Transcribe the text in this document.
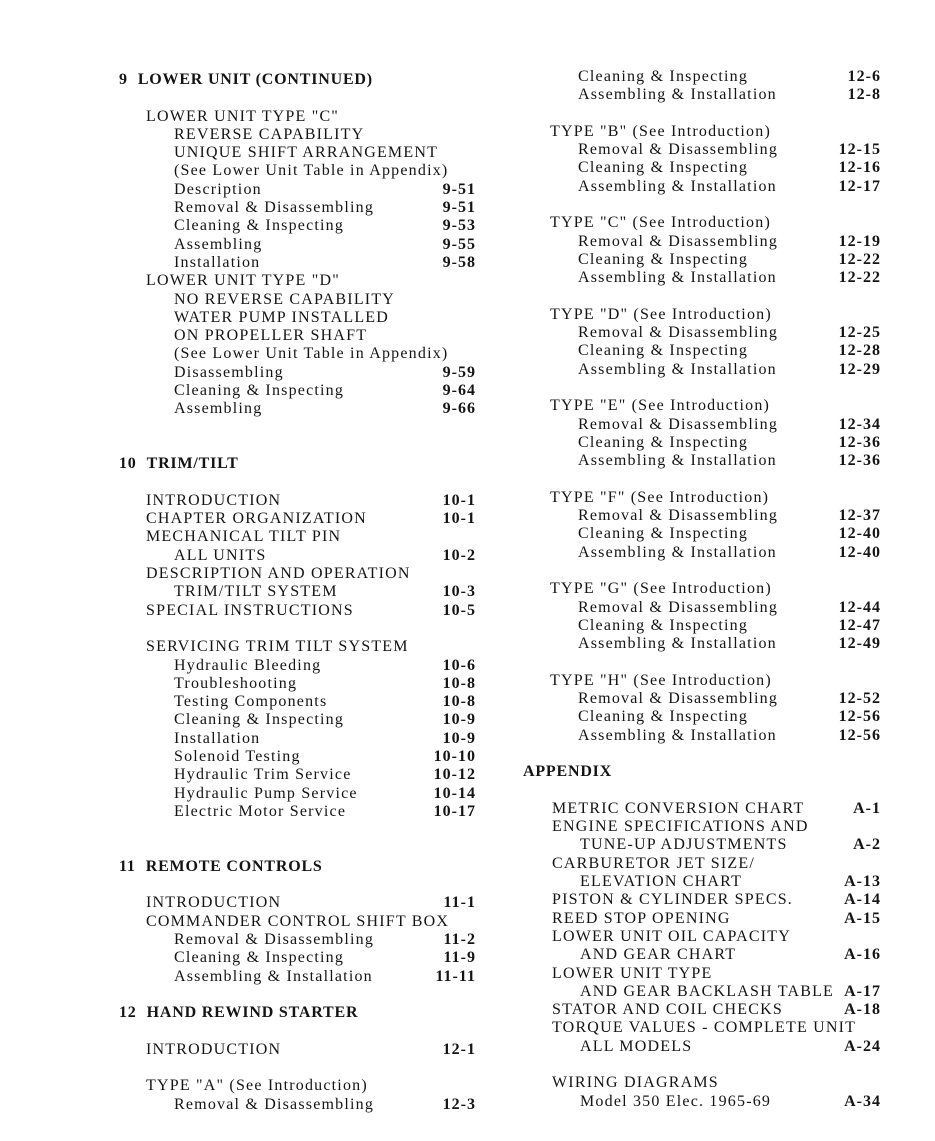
9 LOWER UNIT (CONTINUED)
LOWER UNIT TYPE "C"
REVERSE CAPABILITY
UNIQUE SHIFT ARRANGEMENT
(See Lower Unit Table in Appendix)
Description	9-51
Removal & Disassembling	9-51
Cleaning & Inspecting	9-53
Assembling	9-55
Installation	9-58
LOWER UNIT TYPE "D"
NO REVERSE CAPABILITY
WATER PUMP INSTALLED
ON PROPELLER SHAFT
(See Lower Unit Table in Appendix)
Disassembling	9-59
Cleaning & Inspecting	9-64
Assembling	9-66
10 TRIM/TILT
INTRODUCTION	10-1
CHAPTER ORGANIZATION	10-1
MECHANICAL TILT PIN
ALL UNITS	10-2
DESCRIPTION AND OPERATION
TRIM/TILT SYSTEM	10-3
SPECIAL INSTRUCTIONS	10-5
SERVICING TRIM TILT SYSTEM
Hydraulic Bleeding	10-6
Troubleshooting	10-8
Testing Components	10-8
Cleaning & Inspecting	10-9
Installation	10-9
Solenoid Testing	10-10
Hydraulic Trim Service	10-12
Hydraulic Pump Service	10-14
Electric Motor Service	10-17
11 REMOTE CONTROLS
INTRODUCTION	11-1
COMMANDER CONTROL SHIFT BOX
Removal & Disassembling	11-2
Cleaning & Inspecting	11-9
Assembling & Installation	11-11
12 HAND REWIND STARTER
INTRODUCTION	12-1
TYPE "A" (See Introduction)
Removal & Disassembling	12-3
Cleaning & Inspecting	12-6
Assembling & Installation	12-8
TYPE "B" (See Introduction)
Removal & Disassembling	12-15
Cleaning & Inspecting	12-16
Assembling & Installation	12-17
TYPE "C" (See Introduction)
Removal & Disassembling	12-19
Cleaning & Inspecting	12-22
Assembling & Installation	12-22
TYPE "D" (See Introduction)
Removal & Disassembling	12-25
Cleaning & Inspecting	12-28
Assembling & Installation	12-29
TYPE "E" (See Introduction)
Removal & Disassembling	12-34
Cleaning & Inspecting	12-36
Assembling & Installation	12-36
TYPE "F" (See Introduction)
Removal & Disassembling	12-37
Cleaning & Inspecting	12-40
Assembling & Installation	12-40
TYPE "G" (See Introduction)
Removal & Disassembling	12-44
Cleaning & Inspecting	12-47
Assembling & Installation	12-49
TYPE "H" (See Introduction)
Removal & Disassembling	12-52
Cleaning & Inspecting	12-56
Assembling & Installation	12-56
APPENDIX
METRIC CONVERSION CHART	A-1
ENGINE SPECIFICATIONS AND
TUNE-UP ADJUSTMENTS	A-2
CARBURETOR JET SIZE/
ELEVATION CHART	A-13
PISTON & CYLINDER SPECS.	A-14
REED STOP OPENING	A-15
LOWER UNIT OIL CAPACITY
AND GEAR CHART	A-16
LOWER UNIT TYPE
AND GEAR BACKLASH TABLE A-17
STATOR AND COIL CHECKS	A-18
TORQUE VALUES - COMPLETE UNIT
ALL MODELS	A-24
WIRING DIAGRAMS
Model 350 Elec. 1965-69	A-34
